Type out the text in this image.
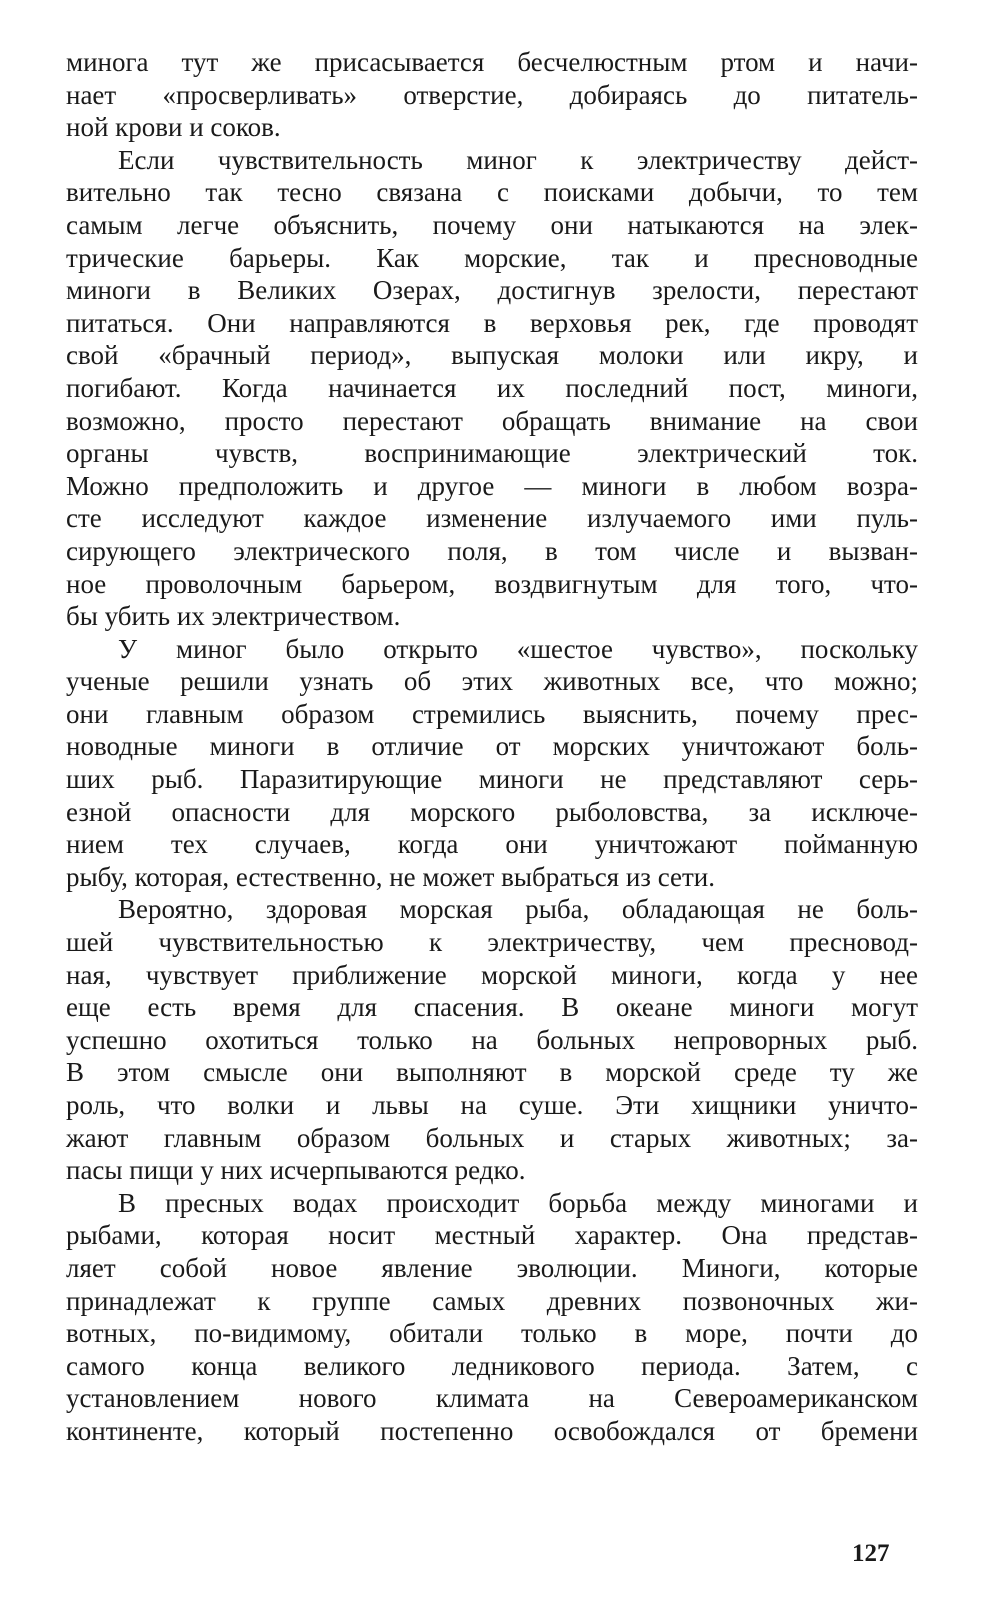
минога тут же присасывается бесчелюстным ртом и начи-
нает «просверливать» отверстие, добираясь до питатель-
ной крови и соков.
Если чувствительность миног к электричеству дейст-
вительно так тесно связана с поисками добычи, то тем
самым легче объяснить, почему они натыкаются на элек-
трические барьеры. Как морские, так и пресноводные
миноги в Великих Озерах, достигнув зрелости, перестают
питаться. Они направляются в верховья рек, где проводят
свой «брачный период», выпуская молоки или икру, и
погибают. Когда начинается их последний пост, миноги,
возможно, просто перестают обращать внимание на свои
органы чувств, воспринимающие электрический ток.
Можно предположить и другое — миноги в любом возра-
сте исследуют каждое изменение излучаемого ими пуль-
сирующего электрического поля, в том числе и вызван-
ное проволочным барьером, воздвигнутым для того, что-
бы убить их электричеством.
У миног было открыто «шестое чувство», поскольку
ученые решили узнать об этих животных все, что можно;
они главным образом стремились выяснить, почему прес-
новодные миноги в отличие от морских уничтожают боль-
ших рыб. Паразитирующие миноги не представляют серь-
езной опасности для морского рыболовства, за исключе-
нием тех случаев, когда они уничтожают пойманную
рыбу, которая, естественно, не может выбраться из сети.
Вероятно, здоровая морская рыба, обладающая не боль-
шей чувствительностью к электричеству, чем пресновод-
ная, чувствует приближение морской миноги, когда у нее
еще есть время для спасения. В океане миноги могут
успешно охотиться только на больных непроворных рыб.
В этом смысле они выполняют в морской среде ту же
роль, что волки и львы на суше. Эти хищники уничто-
жают главным образом больных и старых животных; за-
пасы пищи у них исчерпываются редко.
В пресных водах происходит борьба между миногами и
рыбами, которая носит местный характер. Она представ-
ляет собой новое явление эволюции. Миноги, которые
принадлежат к группе самых древних позвоночных жи-
вотных, по-видимому, обитали только в море, почти до
самого конца великого ледникового периода. Затем, с
установлением нового климата на Североамериканском
континенте, который постепенно освобождался от бремени
127
